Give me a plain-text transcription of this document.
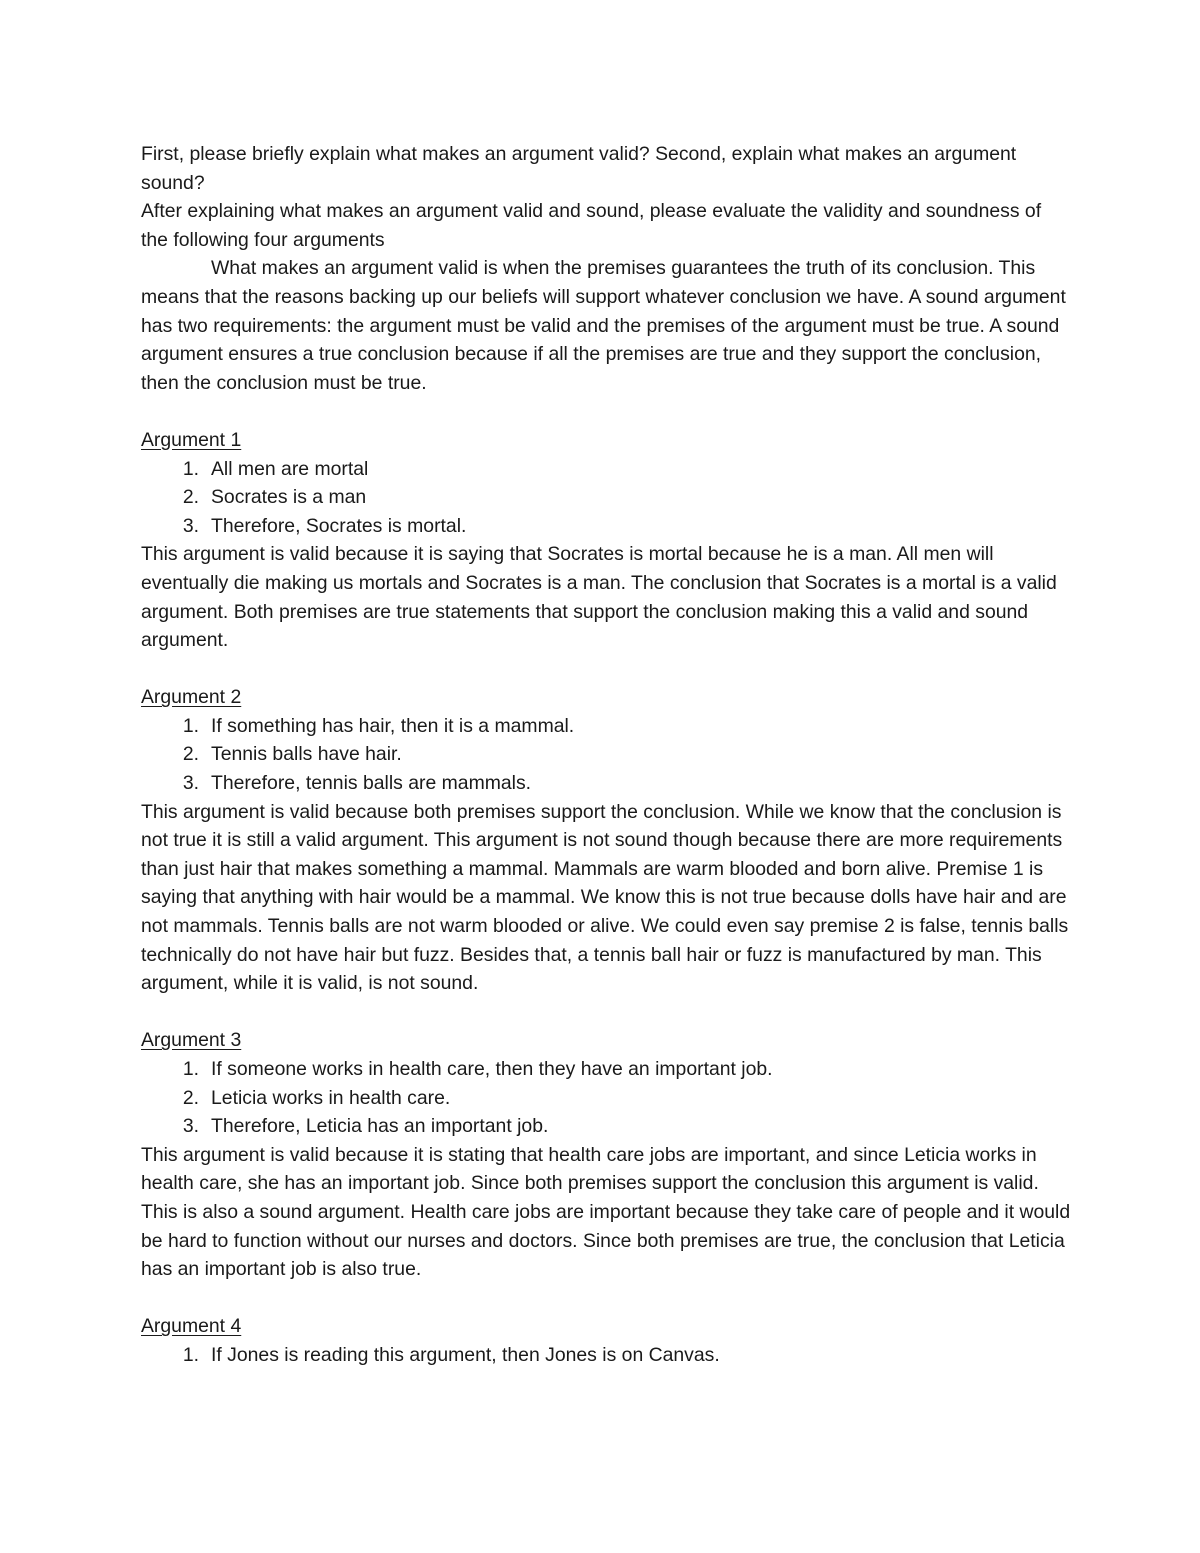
First, please briefly explain what makes an argument valid? Second, explain what makes an argument sound?

After explaining what makes an argument valid and sound, please evaluate the validity and soundness of the following four arguments

What makes an argument valid is when the premises guarantees the truth of its conclusion. This means that the reasons backing up our beliefs will support whatever conclusion we have. A sound argument has two requirements: the argument must be valid and the premises of the argument must be true. A sound argument ensures a true conclusion because if all the premises are true and they support the conclusion, then the conclusion must be true.

Argument 1

1. All men are mortal
2. Socrates is a man
3. Therefore, Socrates is mortal.

This argument is valid because it is saying that Socrates is mortal because he is a man. All men will eventually die making us mortals and Socrates is a man. The conclusion that Socrates is a mortal is a valid argument. Both premises are true statements that support the conclusion making this a valid and sound argument.

Argument 2

1. If something has hair, then it is a mammal.
2. Tennis balls have hair.
3. Therefore, tennis balls are mammals.

This argument is valid because both premises support the conclusion. While we know that the conclusion is not true it is still a valid argument. This argument is not sound though because there are more requirements than just hair that makes something a mammal. Mammals are warm blooded and born alive. Premise 1 is saying that anything with hair would be a mammal. We know this is not true because dolls have hair and are not mammals. Tennis balls are not warm blooded or alive. We could even say premise 2 is false, tennis balls technically do not have hair but fuzz. Besides that, a tennis ball hair or fuzz is manufactured by man. This argument, while it is valid, is not sound.

Argument 3

1. If someone works in health care, then they have an important job.
2. Leticia works in health care.
3. Therefore, Leticia has an important job.

This argument is valid because it is stating that health care jobs are important, and since Leticia works in health care, she has an important job. Since both premises support the conclusion this argument is valid. This is also a sound argument. Health care jobs are important because they take care of people and it would be hard to function without our nurses and doctors. Since both premises are true, the conclusion that Leticia has an important job is also true.

Argument 4

1. If Jones is reading this argument, then Jones is on Canvas.
